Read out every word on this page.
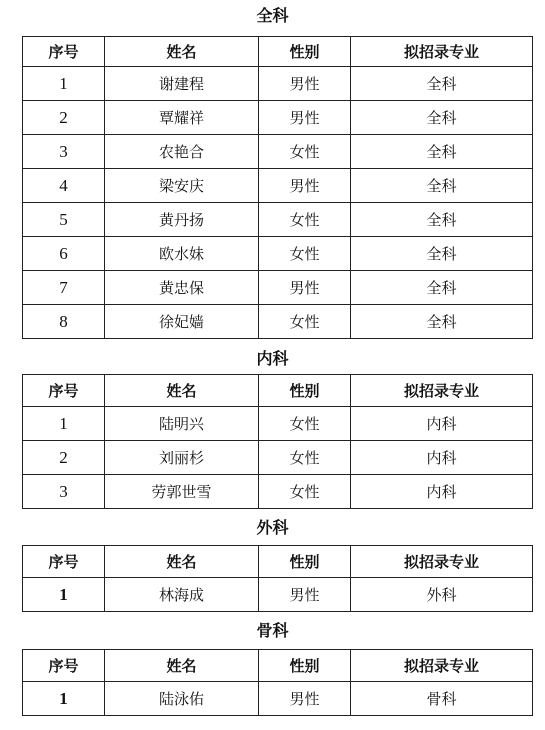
全科
序号	姓名	性别	拟招录专业
1	谢建程	男性	全科
2	覃耀祥	男性	全科
3	农艳合	女性	全科
4	梁安庆	男性	全科
5	黄丹扬	女性	全科
6	欧水妹	女性	全科
7	黄忠保	男性	全科
8	徐妃嫱	女性	全科
内科
序号	姓名	性别	拟招录专业
1	陆明兴	女性	内科
2	刘丽杉	女性	内科
3	劳郭世雪	女性	内科
外科
序号	姓名	性别	拟招录专业
1	林海成	男性	外科
骨科
序号	姓名	性别	拟招录专业
1	陆泳佑	男性	骨科
